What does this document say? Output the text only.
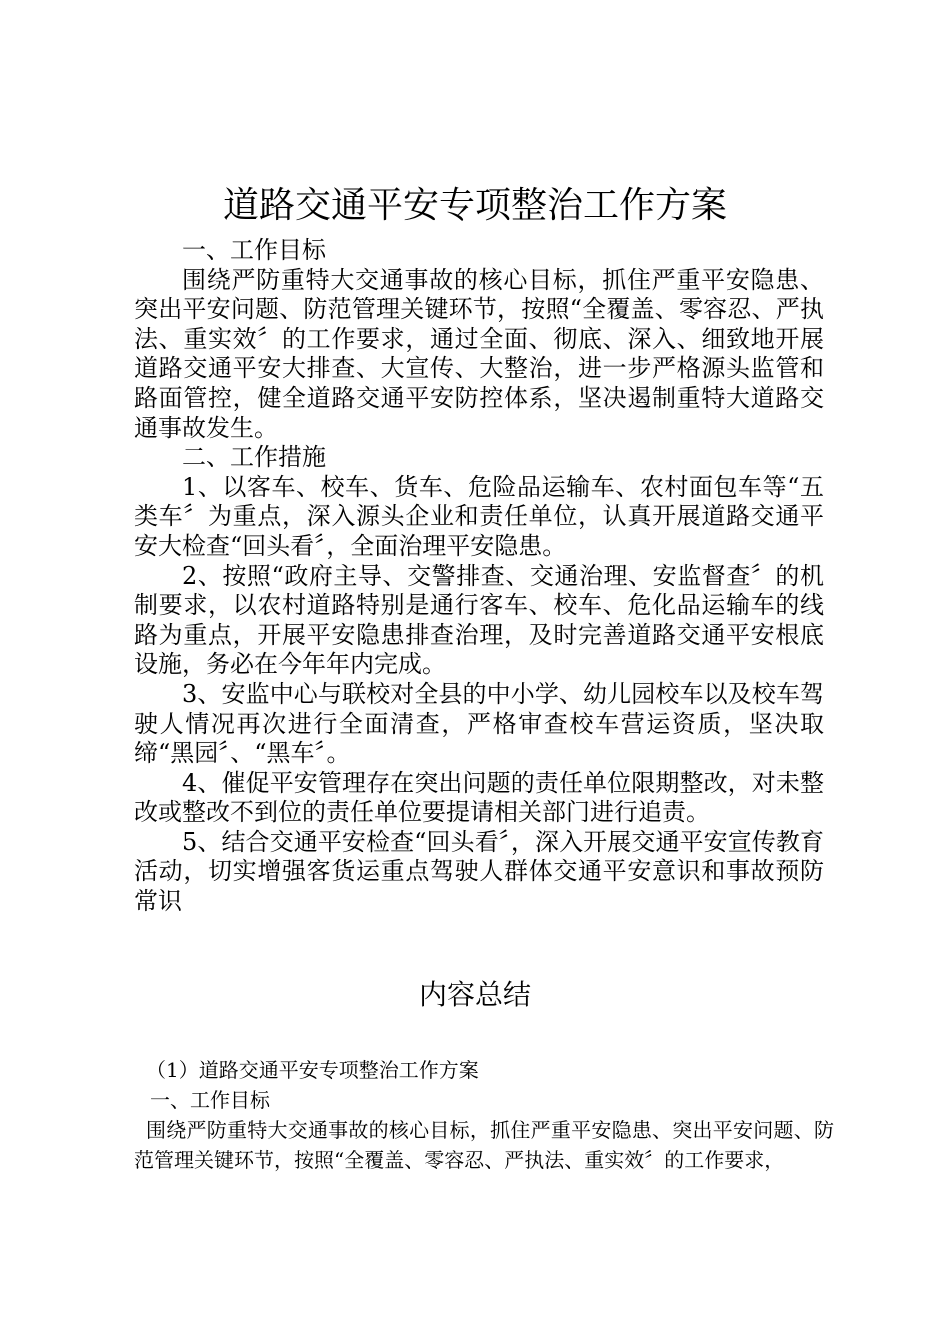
道路交通平安专项整治工作方案

一、工作目标

围绕严防重特大交通事故的核心目标，抓住严重平安隐患、突出平安问题、防范管理关键环节，按照“全覆盖、零容忍、严执法、重实效〞的工作要求，通过全面、彻底、深入、细致地开展道路交通平安大排查、大宣传、大整治，进一步严格源头监管和路面管控，健全道路交通平安防控体系，坚决遏制重特大道路交通事故发生。

二、工作措施

1、以客车、校车、货车、危险品运输车、农村面包车等“五类车〞为重点，深入源头企业和责任单位，认真开展道路交通平安大检查“回头看〞，全面治理平安隐患。

2、按照“政府主导、交警排查、交通治理、安监督查〞的机制要求，以农村道路特别是通行客车、校车、危化品运输车的线路为重点，开展平安隐患排查治理，及时完善道路交通平安根底设施，务必在今年年内完成。

3、安监中心与联校对全县的中小学、幼儿园校车以及校车驾驶人情况再次进行全面清查，严格审查校车营运资质，坚决取缔“黑园〞、“黑车〞。

4、催促平安管理存在突出问题的责任单位限期整改，对未整改或整改不到位的责任单位要提请相关部门进行追责。

5、结合交通平安检查“回头看〞，深入开展交通平安宣传教育活动，切实增强客货运重点驾驶人群体交通平安意识和事故预防常识

内容总结

（1）道路交通平安专项整治工作方案

一、工作目标

围绕严防重特大交通事故的核心目标，抓住严重平安隐患、突出平安问题、防范管理关键环节，按照“全覆盖、零容忍、严执法、重实效〞的工作要求，
